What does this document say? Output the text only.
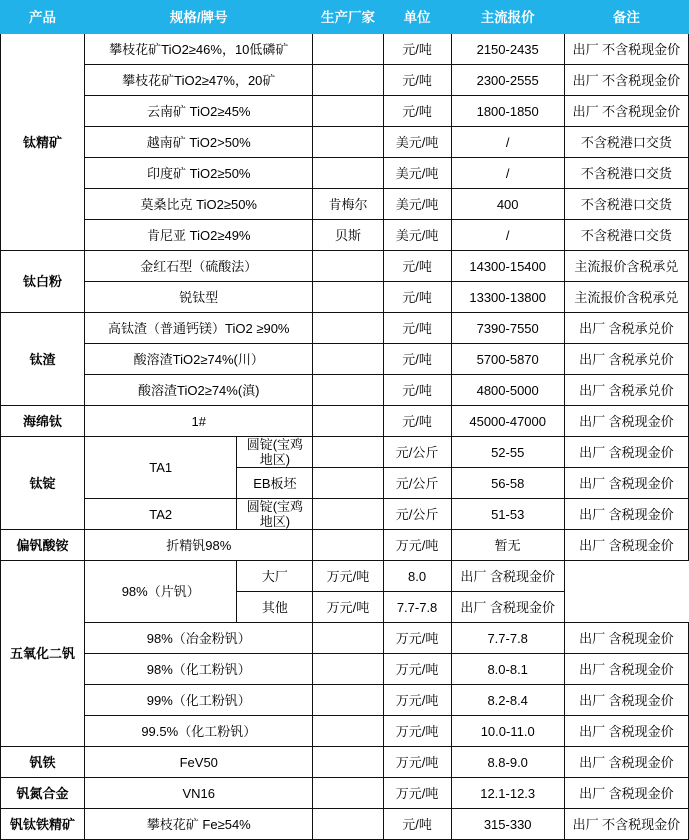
产品	规格/牌号		生产厂家	单位	主流报价	备注
钛精矿	攀枝花矿TiO2≥46%，10低磷矿			元/吨	2150-2435	出厂 不含税现金价
	攀枝花矿TiO2≥47%，20矿			元/吨	2300-2555	出厂 不含税现金价
	云南矿 TiO2≥45%			元/吨	1800-1850	出厂 不含税现金价
	越南矿 TiO2>50%			美元/吨	/	不含税港口交货
	印度矿 TiO2≥50%			美元/吨	/	不含税港口交货
	莫桑比克 TiO2≥50%		肯梅尔	美元/吨	400	不含税港口交货
	肯尼亚 TiO2≥49%		贝斯	美元/吨	/	不含税港口交货
钛白粉	金红石型（硫酸法）			元/吨	14300-15400	主流报价含税承兑
	锐钛型			元/吨	13300-13800	主流报价含税承兑
钛渣	高钛渣（普通钙镁）TiO2 ≥90%			元/吨	7390-7550	出厂 含税承兑价
	酸溶渣TiO2≥74%(川）			元/吨	5700-5870	出厂 含税承兑价
	酸溶渣TiO2≥74%(滇)			元/吨	4800-5000	出厂 含税承兑价
海绵钛	1#			元/吨	45000-47000	出厂 含税现金价
钛锭	TA1	圆锭(宝鸡地区)		元/公斤	52-55	出厂 含税现金价
		EB板坯		元/公斤	56-58	出厂 含税现金价
	TA2	圆锭(宝鸡地区)		元/公斤	51-53	出厂 含税现金价
偏钒酸铵	折精钒98%			万元/吨	暂无	出厂 含税现金价
五氧化二钒	98%（片钒）	大厂	万元/吨	8.0	出厂 含税现金价	
		其他	万元/吨	7.7-7.8	出厂 含税现金价	
	98%（冶金粉钒）			万元/吨	7.7-7.8	出厂 含税现金价
	98%（化工粉钒）			万元/吨	8.0-8.1	出厂 含税现金价
	99%（化工粉钒）			万元/吨	8.2-8.4	出厂 含税现金价
	99.5%（化工粉钒）			万元/吨	10.0-11.0	出厂 含税现金价
钒铁	FeV50			万元/吨	8.8-9.0	出厂 含税现金价
钒氮合金	VN16			万元/吨	12.1-12.3	出厂 含税现金价
钒钛铁精矿	攀枝花矿 Fe≥54%			元/吨	315-330	出厂 不含税现金价
